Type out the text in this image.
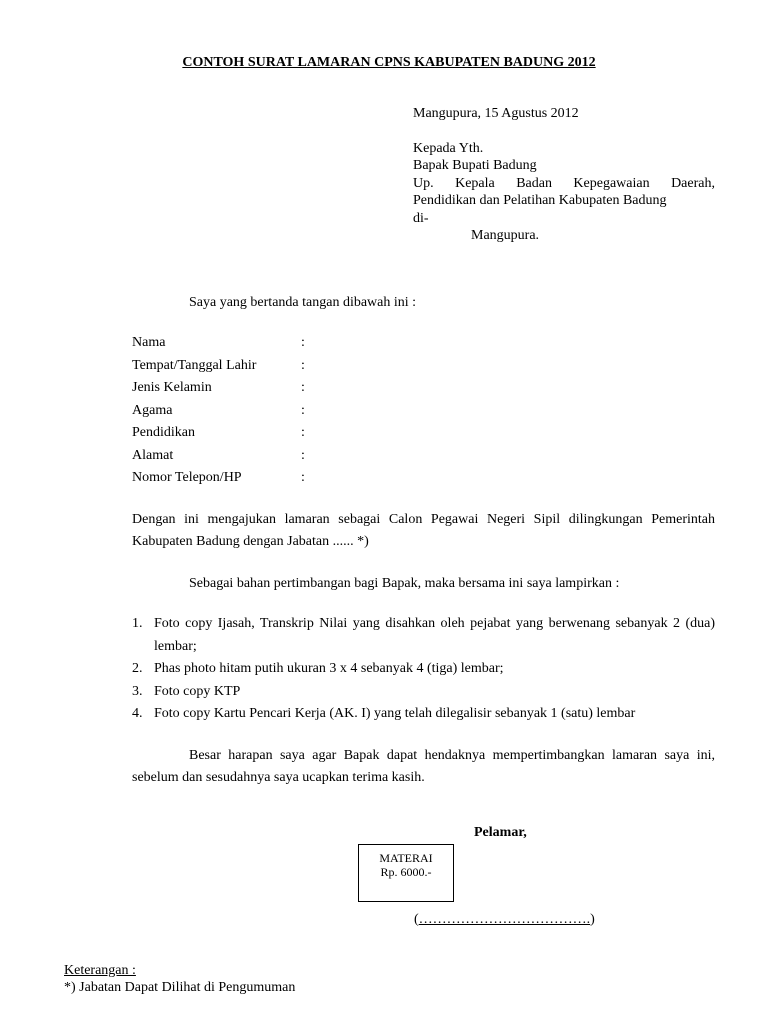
CONTOH SURAT LAMARAN CPNS KABUPATEN BADUNG 2012
Mangupura, 15 Agustus 2012
Kepada Yth.
Bapak Bupati Badung
Up. Kepala Badan Kepegawaian Daerah,
Pendidikan dan Pelatihan Kabupaten Badung
di-
Mangupura.
Saya yang bertanda tangan dibawah ini :
Nama	:
Tempat/Tanggal Lahir	:
Jenis Kelamin	:
Agama	:
Pendidikan	:
Alamat	:
Nomor Telepon/HP	:
Dengan ini mengajukan lamaran sebagai Calon Pegawai Negeri Sipil dilingkungan Pemerintah Kabupaten Badung dengan Jabatan ...... *)
Sebagai bahan pertimbangan bagi Bapak, maka bersama ini saya lampirkan :
1. Foto copy Ijasah, Transkrip Nilai yang disahkan oleh pejabat yang berwenang sebanyak 2 (dua) lembar;
2. Phas photo hitam putih ukuran 3 x 4 sebanyak 4 (tiga) lembar;
3. Foto copy KTP
4. Foto copy Kartu Pencari Kerja (AK. I) yang telah dilegalisir sebanyak 1 (satu) lembar
Besar harapan saya agar Bapak dapat hendaknya mempertimbangkan lamaran saya ini, sebelum dan sesudahnya saya ucapkan terima kasih.
Pelamar,
MATERAI
Rp. 6000.-
(……………………………….)
Keterangan :
*) Jabatan Dapat Dilihat di Pengumuman
